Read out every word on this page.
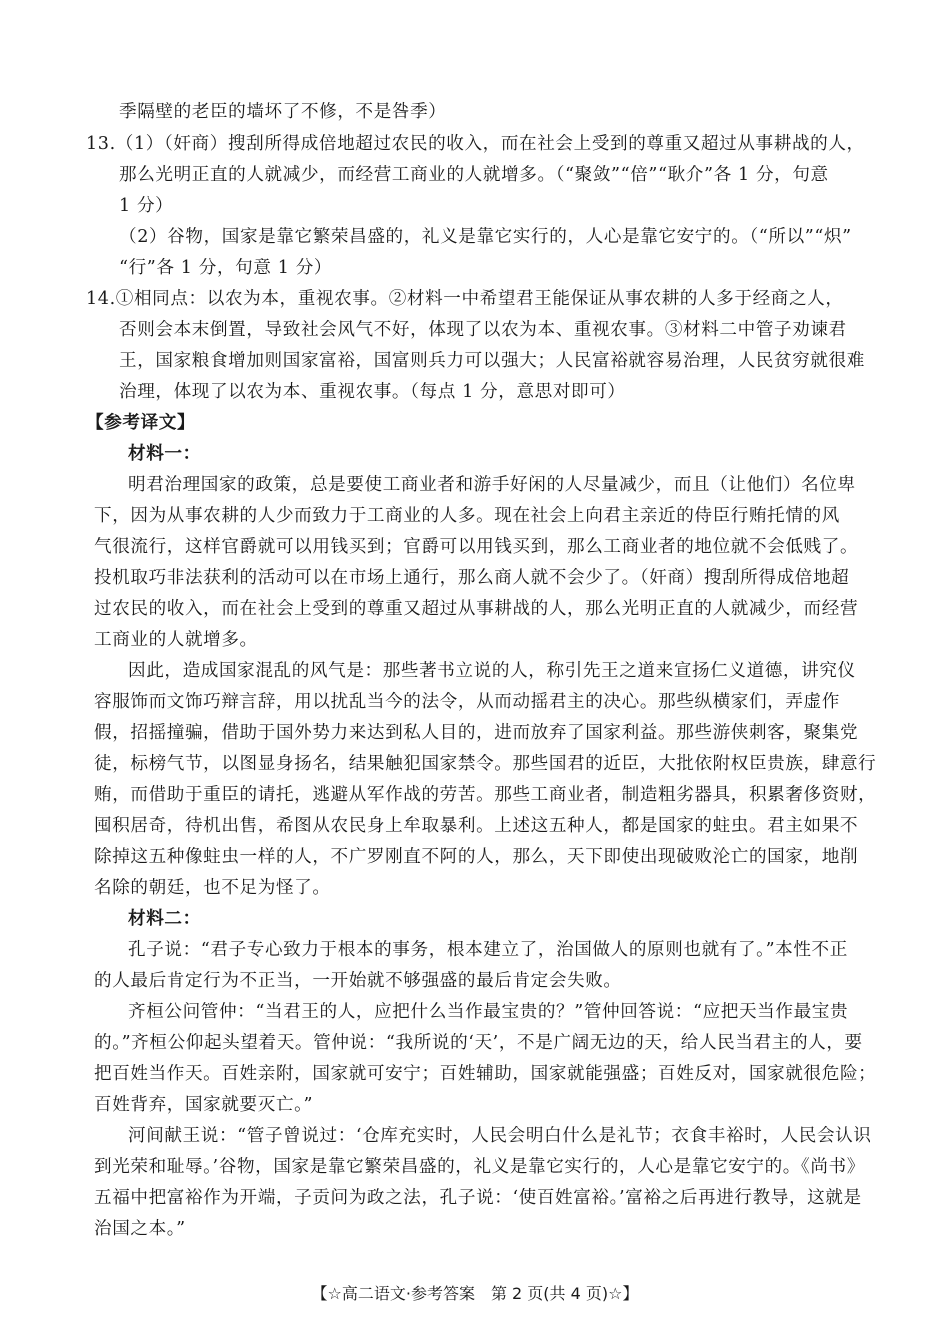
季隔壁的老臣的墙坏了不修，不是咎季）
13.（1）（奸商）搜刮所得成倍地超过农民的收入，而在社会上受到的尊重又超过从事耕战的人，
那么光明正直的人就减少，而经营工商业的人就增多。（“聚敛”“倍”“耿介”各 1 分，句意
1 分）
（2）谷物，国家是靠它繁荣昌盛的，礼义是靠它实行的，人心是靠它安宁的。（“所以”“炽”
“行”各 1 分，句意 1 分）
14.①相同点：以农为本，重视农事。②材料一中希望君王能保证从事农耕的人多于经商之人，
否则会本末倒置，导致社会风气不好，体现了以农为本、重视农事。③材料二中管子劝谏君
王，国家粮食增加则国家富裕，国富则兵力可以强大；人民富裕就容易治理，人民贫穷就很难
治理，体现了以农为本、重视农事。（每点 1 分，意思对即可）
【参考译文】
材料一：
明君治理国家的政策，总是要使工商业者和游手好闲的人尽量减少，而且（让他们）名位卑
下，因为从事农耕的人少而致力于工商业的人多。现在社会上向君主亲近的侍臣行贿托情的风
气很流行，这样官爵就可以用钱买到；官爵可以用钱买到，那么工商业者的地位就不会低贱了。
投机取巧非法获利的活动可以在市场上通行，那么商人就不会少了。（奸商）搜刮所得成倍地超
过农民的收入，而在社会上受到的尊重又超过从事耕战的人，那么光明正直的人就减少，而经营
工商业的人就增多。
因此，造成国家混乱的风气是：那些著书立说的人，称引先王之道来宣扬仁义道德，讲究仪
容服饰而文饰巧辩言辞，用以扰乱当今的法令，从而动摇君主的决心。那些纵横家们，弄虚作
假，招摇撞骗，借助于国外势力来达到私人目的，进而放弃了国家利益。那些游侠刺客，聚集党
徒，标榜气节，以图显身扬名，结果触犯国家禁令。那些国君的近臣，大批依附权臣贵族，肆意行
贿，而借助于重臣的请托，逃避从军作战的劳苦。那些工商业者，制造粗劣器具，积累奢侈资财，
囤积居奇，待机出售，希图从农民身上牟取暴利。上述这五种人，都是国家的蛀虫。君主如果不
除掉这五种像蛀虫一样的人，不广罗刚直不阿的人，那么，天下即使出现破败沦亡的国家，地削
名除的朝廷，也不足为怪了。
材料二：
孔子说：“君子专心致力于根本的事务，根本建立了，治国做人的原则也就有了。”本性不正
的人最后肯定行为不正当，一开始就不够强盛的最后肯定会失败。
齐桓公问管仲：“当君王的人，应把什么当作最宝贵的？”管仲回答说：“应把天当作最宝贵
的。”齐桓公仰起头望着天。管仲说：“我所说的‘天’，不是广阔无边的天，给人民当君主的人，要
把百姓当作天。百姓亲附，国家就可安宁；百姓辅助，国家就能强盛；百姓反对，国家就很危险；
百姓背弃，国家就要灭亡。”
河间献王说：“管子曾说过：‘仓库充实时，人民会明白什么是礼节；衣食丰裕时，人民会认识
到光荣和耻辱。’谷物，国家是靠它繁荣昌盛的，礼义是靠它实行的，人心是靠它安宁的。《尚书》
五福中把富裕作为开端，子贡问为政之法，孔子说：‘使百姓富裕。’富裕之后再进行教导，这就是
治国之本。”
【☆高二语文·参考答案　第 2 页(共 4 页)☆】
